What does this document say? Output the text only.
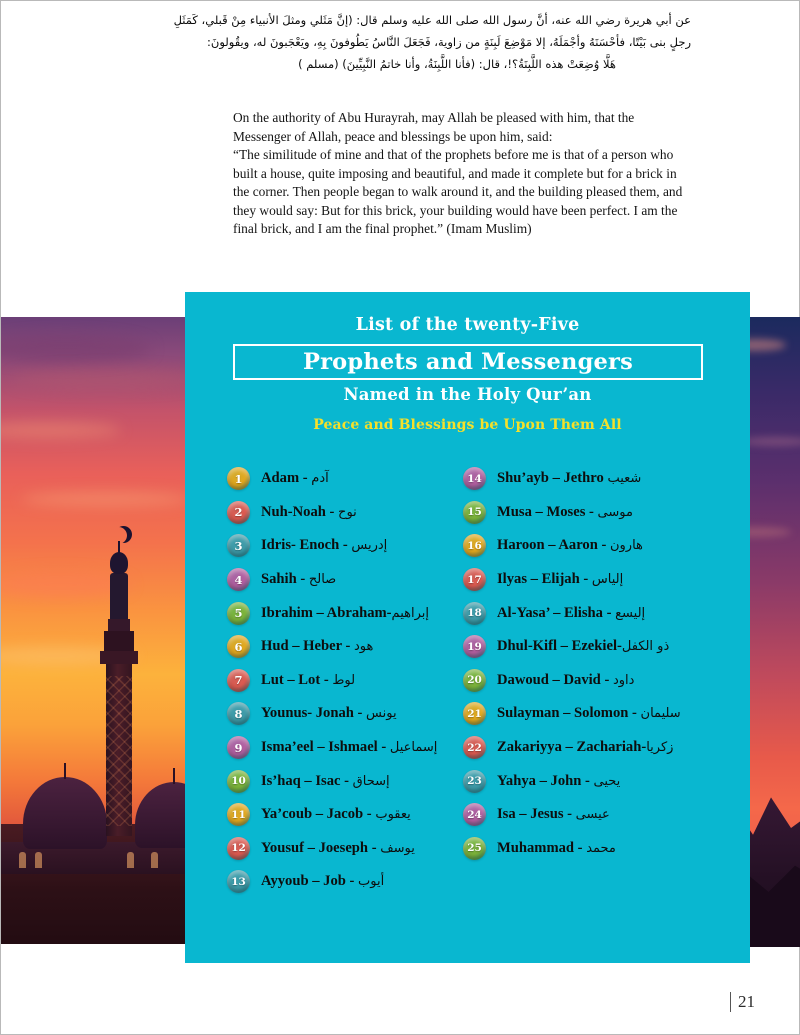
عن أبي هريرة رضي الله عنه، أنَّ رسول الله صلى الله عليه وسلم قال: (إنَّ مَثَلي ومثلَ الأنبياء مِنْ قَبلي، كَمَثَلِ
رجلٍ بنى بَيْتًا، فأحْسَنَهُ وأجْمَلَهُ، إلا مَوْضِعَ لَبِنَةٍ من زاوية، فَجَعَلَ النَّاسُ يَطُوفونَ بِهِ، ويَعْجَبونَ له، ويقُولونَ:
هَلَّا وُضِعَتْ هذه اللَّبِنَةُ؟!، قال: (فأنا اللَّبِنَةُ، وأنا خاتمُ النَّبِيِّينَ) (مسلم )

On the authority of Abu Hurayrah, may Allah be pleased with him, that the Messenger of Allah, peace and blessings be upon him, said:

“The similitude of mine and that of the prophets before me is that of a person who built a house, quite imposing and beautiful, and made it complete but for a brick in the corner. Then people began to walk around it, and the building pleased them, and they would say: But for this brick, your building would have been perfect. I am the final brick, and I am the final prophet.” (Imam Muslim)

List of the twenty-Five
Prophets and Messengers
Named in the Holy Qur’an
Peace and Blessings be Upon Them All
1	Adam - آدم
2	Nuh-Noah - نوح
3	Idris- Enoch - إدريس
4	Sahih - صالح
5	Ibrahim – Abraham-إبراهيم
6	Hud – Heber - هود
7	Lut – Lot - لوط
8	Younus- Jonah - يونس
9	Isma’eel – Ishmael - إسماعيل
10 Is’haq – Isac - إسحاق
11 Ya’coub – Jacob - يعقوب
12 Yousuf – Joeseph - يوسف
13 Ayyoub – Job - أيوب
14 Shu’ayb – Jethro شعيب
15 Musa – Moses - موسى
16 Haroon – Aaron - هارون
17 Ilyas – Elijah - إلياس
18 Al-Yasa’ – Elisha - إليسع
19 Dhul-Kifl – Ezekiel-ذو الكفل
20 Dawoud – David - داود
21 Sulayman – Solomon - سليمان
22 Zakariyya – Zachariah-زكريا
23 Yahya – John - يحيى
24 Isa – Jesus - عيسى
25 Muhammad - محمد
21
